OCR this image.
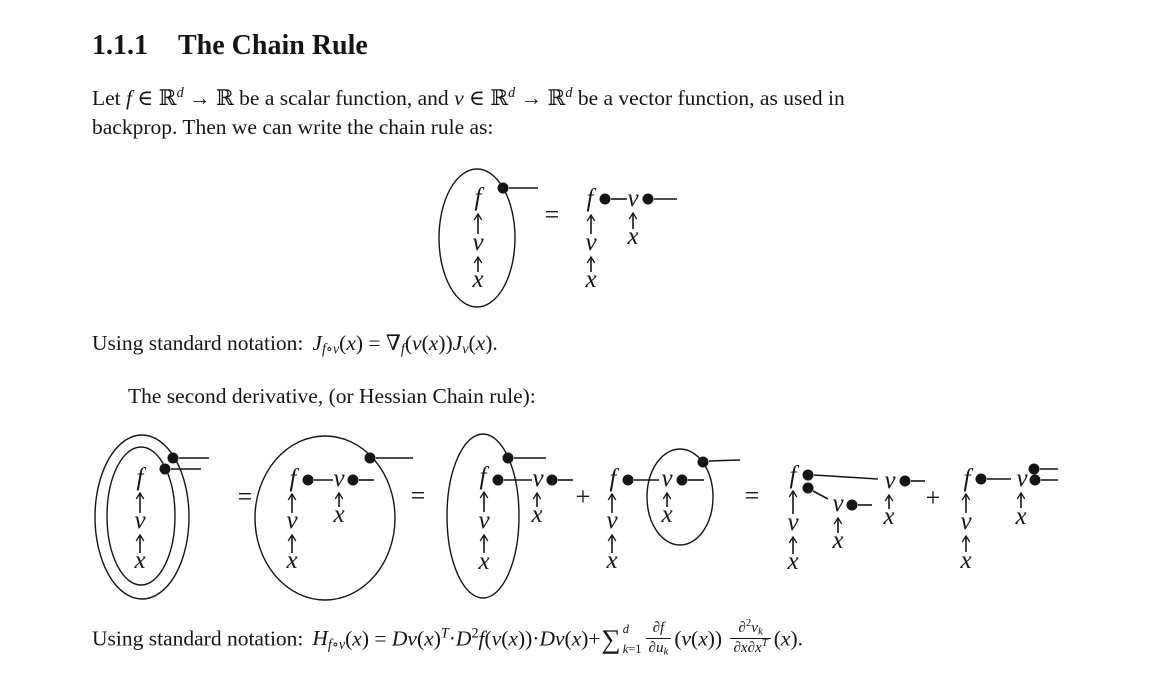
1.1.1 The Chain Rule

Let f ∈ ℝ$^d$ → ℝ be a scalar function, and v ∈ ℝ$^d$ → ℝ$^d$ be a vector function, as used in
backprop. Then we can write the chain rule as:

f
v
x
=
f v
v
x
x

Using standard notation: Jf∘v(x) = ∇f(v(x))Jv(x).

The second derivative, (or Hessian Chain rule):

f
v
x
=
f v
x
v
x
=
f v
x
v
x
+
f v
x
v
x
=
f	v
x
v
x
v
x
+
f v
x
v
x

Using standard notation: Hf∘v(x) = $Dv(x)^T\cdot D^2f(v(x))\cdot Dv(x)+$ ∑ d
$k=1 \frac{\partial f}{\partial uk} (v(x)) \frac{\partial^2vk}{\partial x\partial x^T} (x)$.
